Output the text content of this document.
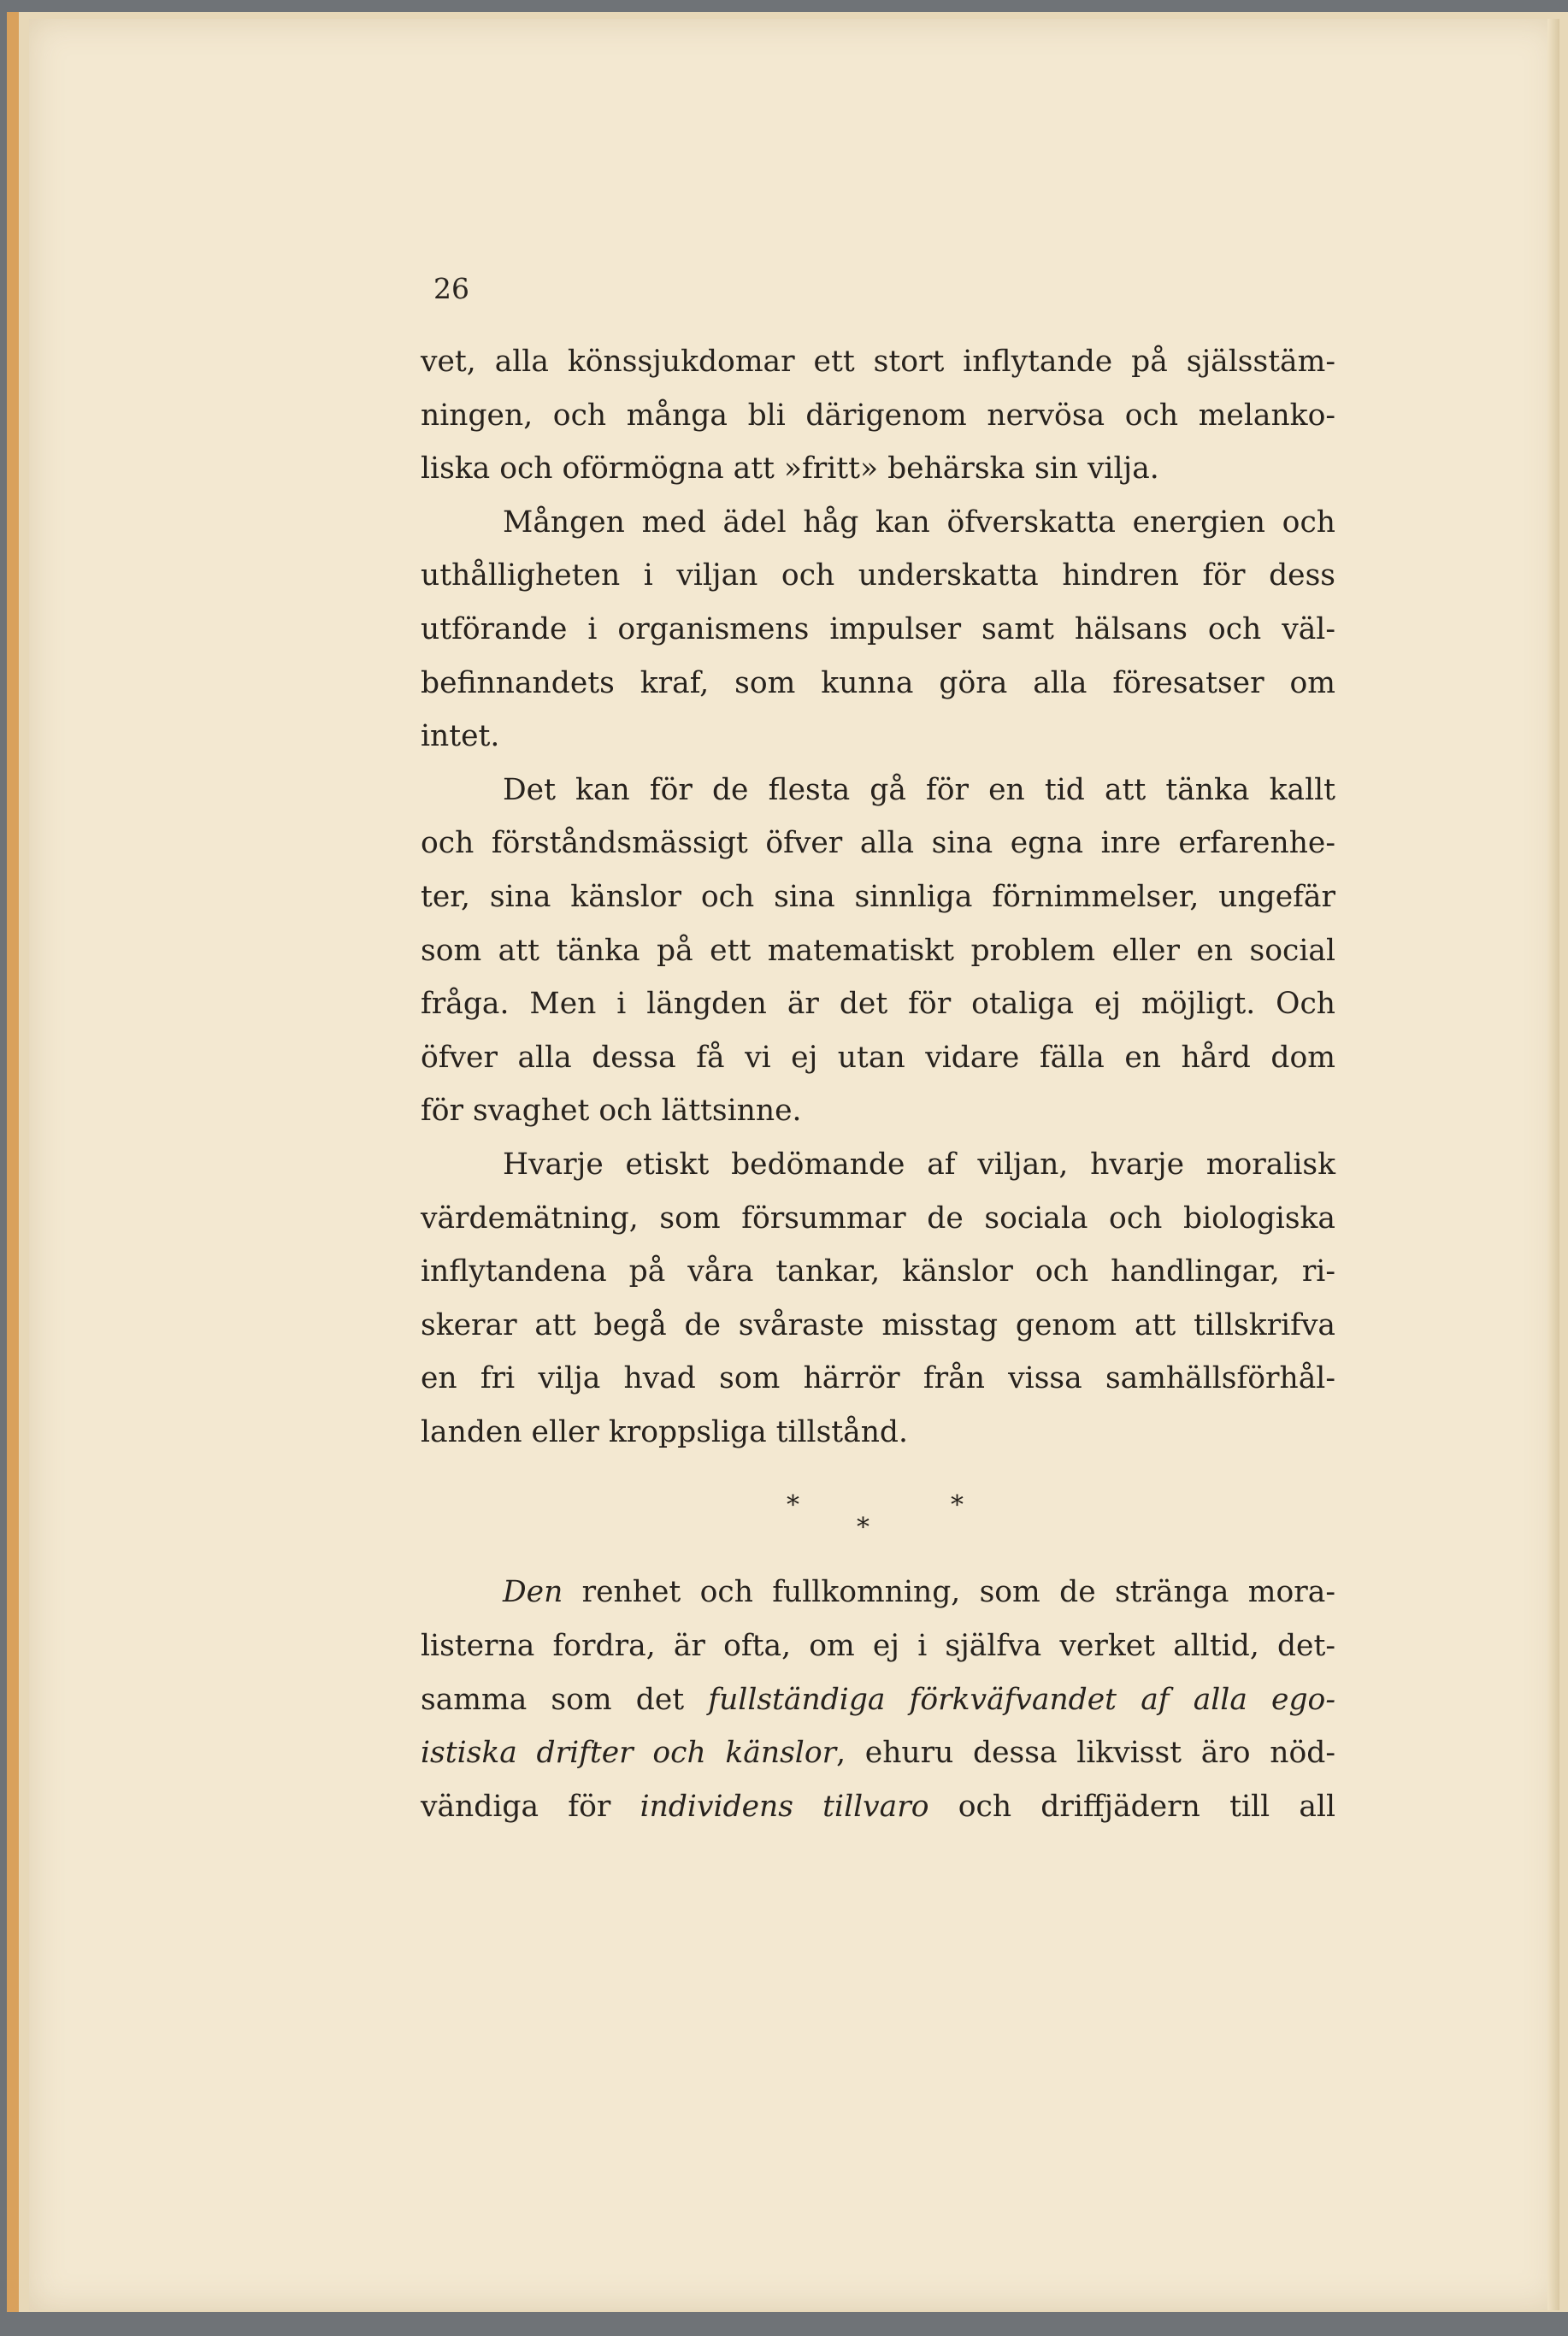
26
vet, alla könssjukdomar ett stort inflytande på själsstäm-
ningen, och många bli därigenom nervösa och melanko-
liska och oförmögna att »fritt» behärska sin vilja.
Mången med ädel håg kan öfverskatta energien och
uthålligheten i viljan och underskatta hindren för dess
utförande i organismens impulser samt hälsans och väl-
befinnandets kraf, som kunna göra alla föresatser om
intet.
Det kan för de flesta gå för en tid att tänka kallt
och förståndsmässigt öfver alla sina egna inre erfarenhe-
ter, sina känslor och sina sinnliga förnimmelser, ungefär
som att tänka på ett matematiskt problem eller en social
fråga. Men i längden är det för otaliga ej möjligt. Och
öfver alla dessa få vi ej utan vidare fälla en hård dom
för svaghet och lättsinne.
Hvarje etiskt bedömande af viljan, hvarje moralisk
värdemätning, som försummar de sociala och biologiska
inflytandena på våra tankar, känslor och handlingar, ri-
skerar att begå de svåraste misstag genom att tillskrifva
en fri vilja hvad som härrör från vissa samhällsförhål-
landen eller kroppsliga tillstånd.
*
*
*
Den renhet och fullkomning, som de stränga mora-
listerna fordra, är ofta, om ej i själfva verket alltid, det-
samma som det fullständiga förkväfvandet af alla ego-
istiska drifter och känslor, ehuru dessa likvisst äro nöd-
vändiga för individens tillvaro och driffjädern till all
